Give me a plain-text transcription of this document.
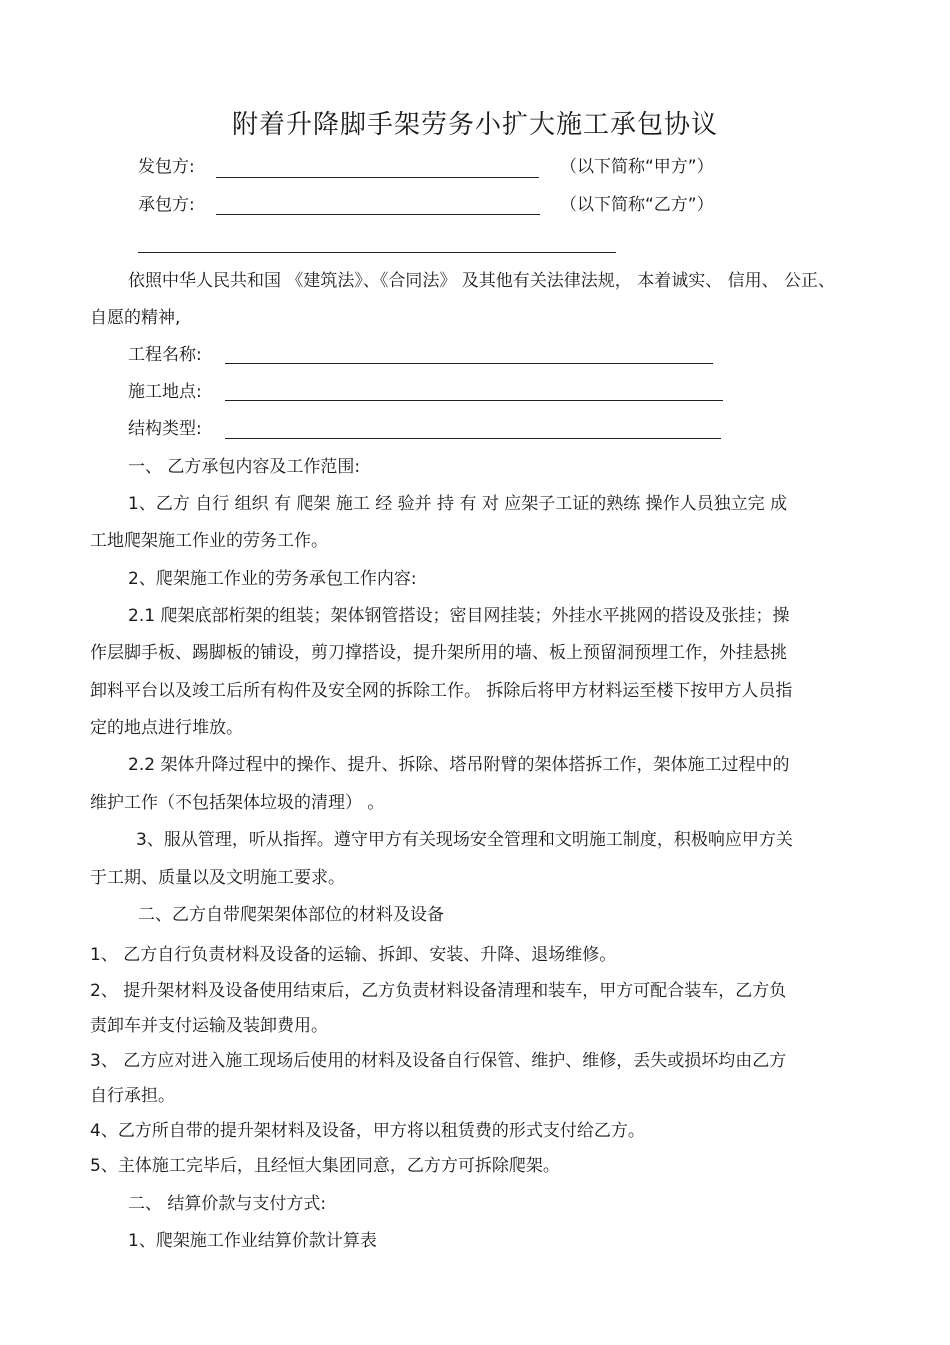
附着升降脚手架劳务小扩大施工承包协议
发包方:	（以下简称“甲方”）
承包方:	（以下简称“乙方”）
依照中华人民共和国 《建筑法》、《合同法》 及其他有关法律法规， 本着诚实、 信用、 公正、
自愿的精神,
工程名称:
施工地点:
结构类型:
一、 乙方承包内容及工作范围:
1、乙方 自行 组织 有 爬架 施工 经 验并 持 有 对 应架子工证的熟练 操作人员独立完 成
工地爬架施工作业的劳务工作。
2、爬架施工作业的劳务承包工作内容:
2.1 爬架底部桁架的组装；架体钢管搭设；密目网挂装；外挂水平挑网的搭设及张挂；操
作层脚手板、踢脚板的铺设，剪刀撑搭设，提升架所用的墙、板上预留洞预埋工作，外挂悬挑
卸料平台以及竣工后所有构件及安全网的拆除工作。 拆除后将甲方材料运至楼下按甲方人员指
定的地点进行堆放。
2.2 架体升降过程中的操作、提升、拆除、塔吊附臂的架体搭拆工作，架体施工过程中的
维护工作（不包括架体垃圾的清理） 。
3、服从管理，听从指挥。遵守甲方有关现场安全管理和文明施工制度，积极响应甲方关
于工期、质量以及文明施工要求。
二、乙方自带爬架架体部位的材料及设备
1、 乙方自行负责材料及设备的运输、拆卸、安装、升降、退场维修。
2、 提升架材料及设备使用结束后，乙方负责材料设备清理和装车，甲方可配合装车，乙方负
责卸车并支付运输及装卸费用。
3、 乙方应对进入施工现场后使用的材料及设备自行保管、维护、维修，丢失或损坏均由乙方
自行承担。
4、乙方所自带的提升架材料及设备，甲方将以租赁费的形式支付给乙方。
5、主体施工完毕后，且经恒大集团同意，乙方方可拆除爬架。
二、 结算价款与支付方式:
1、爬架施工作业结算价款计算表
